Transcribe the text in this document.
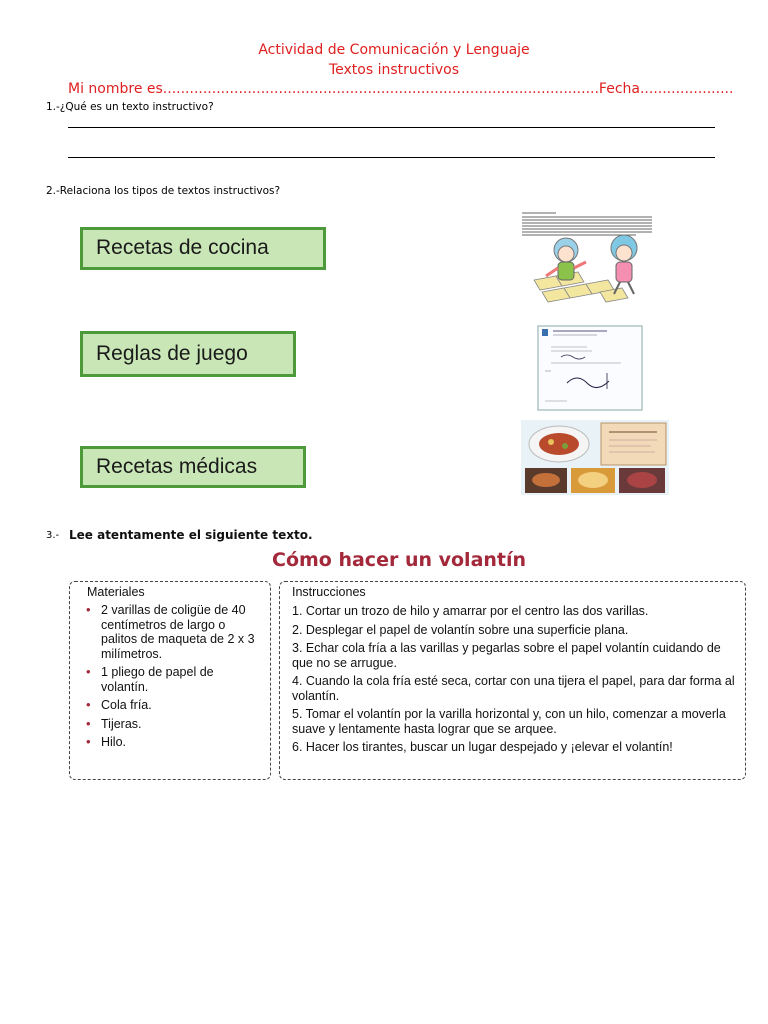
Actividad de Comunicación y Lenguaje
Textos instructivos
Mi nombre es..................................................................................................Fecha.....................
1.-¿Qué es un texto instructivo?
2.-Relaciona los tipos de textos instructivos?
Recetas de cocina
Reglas de juego
Recetas médicas
3.- Lee atentamente el siguiente texto.
Cómo hacer un volantín
Materiales
• 2 varillas de coligüe de 40 centímetros de largo o palitos de maqueta de 2 x 3 milímetros.
• 1 pliego de papel de volantín.
• Cola fría.
• Tijeras.
• Hilo.
Instrucciones
1. Cortar un trozo de hilo y amarrar por el centro las dos varillas.
2. Desplegar el papel de volantín sobre una superficie plana.
3. Echar cola fría a las varillas y pegarlas sobre el papel volantín cuidando de que no se arrugue.
4. Cuando la cola fría esté seca, cortar con una tijera el papel, para dar forma al volantín.
5. Tomar el volantín por la varilla horizontal y, con un hilo, comenzar a moverla suave y lentamente hasta lograr que se arquee.
6. Hacer los tirantes, buscar un lugar despejado y ¡elevar el volantín!
